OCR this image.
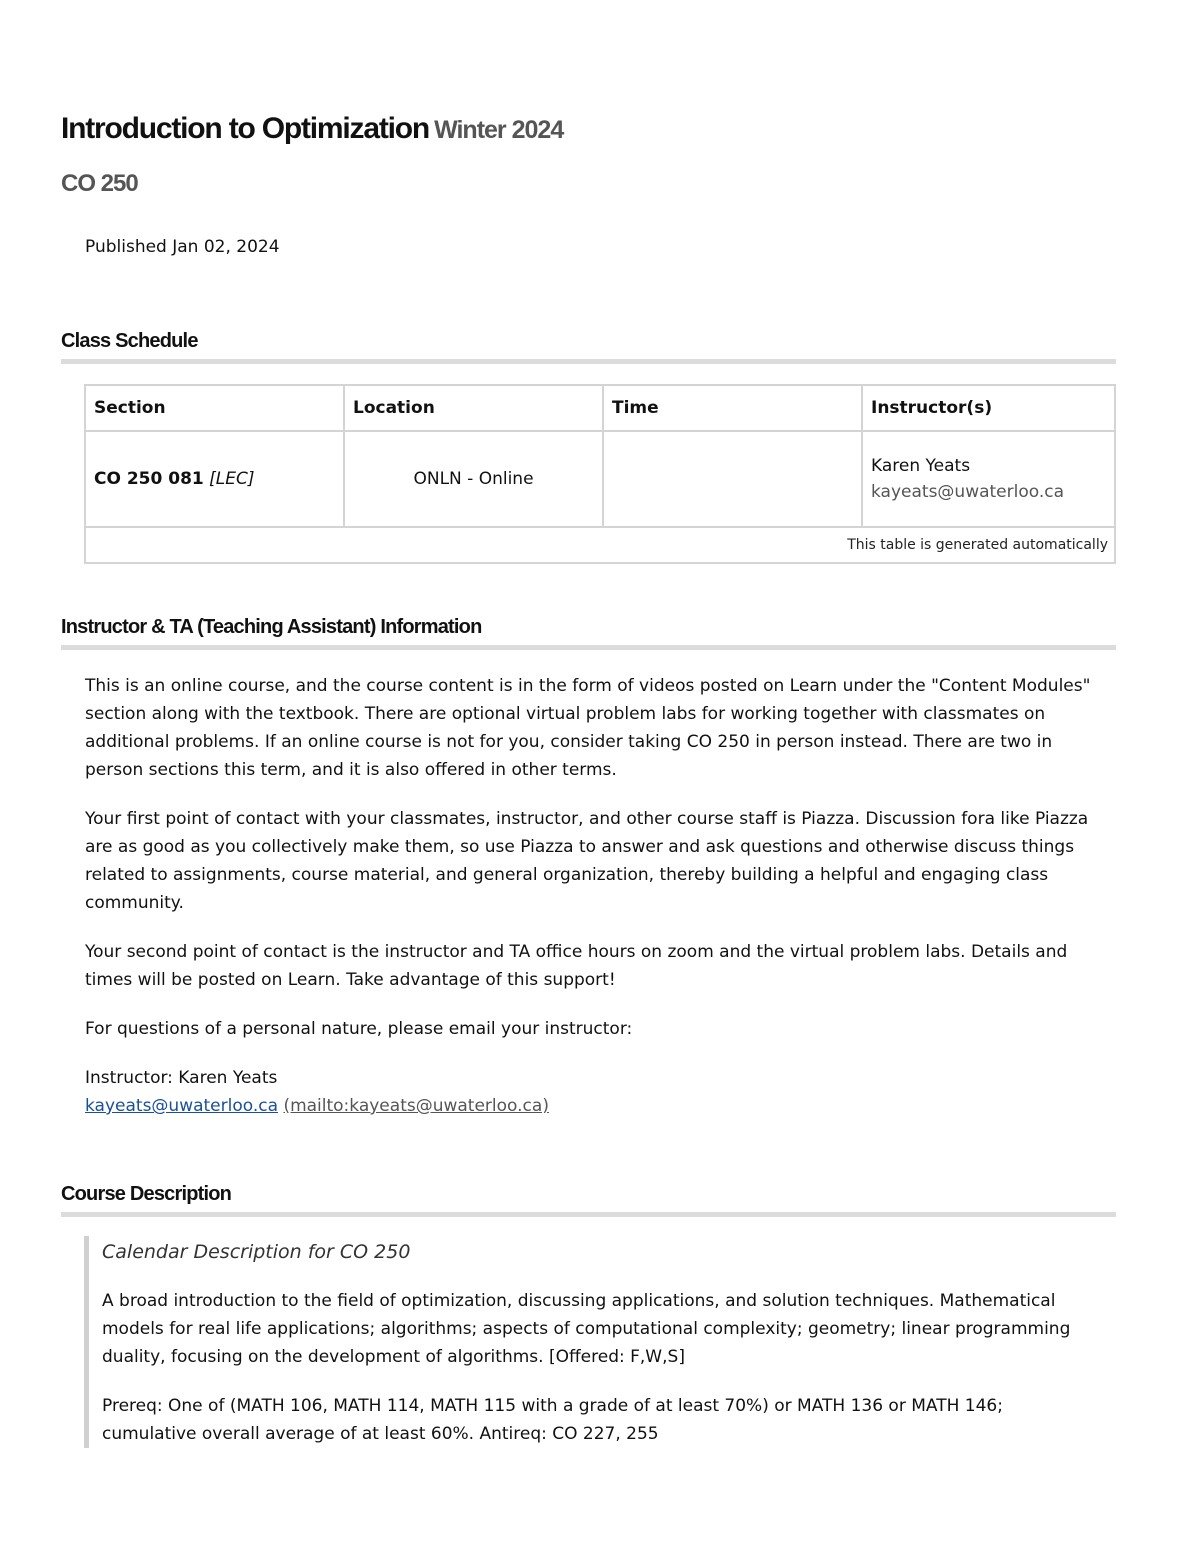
Introduction to Optimization Winter 2024
CO 250
Published Jan 02, 2024
Class Schedule
Instructor & TA (Teaching Assistant) Information
Course Description
Section	Location	Time	Instructor(s)
CO 250 081 [LEC]	ONLN - Online		Karen Yeats
kayeats@uwaterloo.ca

This table is generated automatically			

This is an online course, and the course content is in the form of videos posted on Learn under the "Content Modules" section along with the textbook. There are optional virtual problem labs for working together with classmates on additional problems. If an online course is not for you, consider taking CO 250 in person instead. There are two in person sections this term, and it is also offered in other terms.

Your first point of contact with your classmates, instructor, and other course staff is Piazza. Discussion fora like Piazza are as good as you collectively make them, so use Piazza to answer and ask questions and otherwise discuss things related to assignments, course material, and general organization, thereby building a helpful and engaging class community.

Your second point of contact is the instructor and TA office hours on zoom and the virtual problem labs. Details and times will be posted on Learn. Take advantage of this support!

For questions of a personal nature, please email your instructor:

Instructor: Karen Yeats
kayeats@uwaterloo.ca (mailto:kayeats@uwaterloo.ca)

Calendar Description for CO 250

A broad introduction to the field of optimization, discussing applications, and solution techniques. Mathematical models for real life applications; algorithms; aspects of computational complexity; geometry; linear programming duality, focusing on the development of algorithms. [Offered: F,W,S]

Prereq: One of (MATH 106, MATH 114, MATH 115 with a grade of at least 70%) or MATH 136 or MATH 146; cumulative overall average of at least 60%. Antireq: CO 227, 255
